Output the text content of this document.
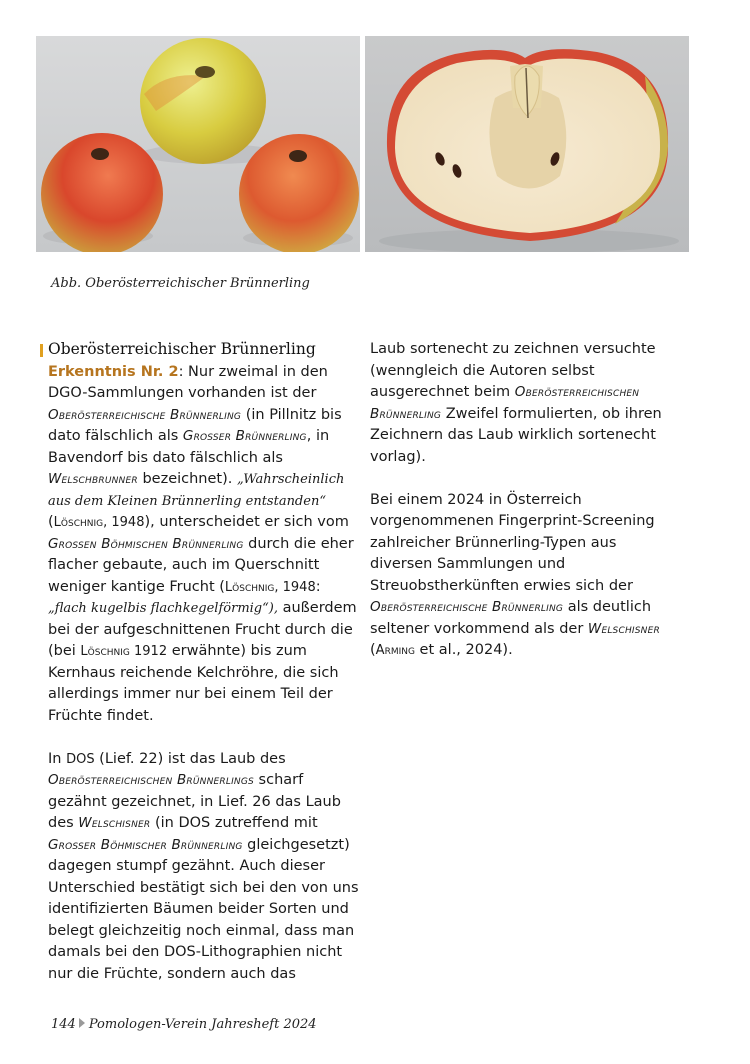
Abb. Oberösterreichischer Brünnerling
Oberösterreichischer Brünnerling

Erkenntnis Nr. 2: Nur zweimal in den DGO-Sammlungen vorhanden ist der Oberösterreichische Brünnerling (in Pillnitz bis dato fälschlich als Grosser Brünnerling, in Bavendorf bis dato fälschlich als Welschbrunner bezeichnet). „Wahrscheinlich aus dem Kleinen Brünnerling entstanden“ (Löschnig, 1948), unterscheidet er sich vom Grossen Böhmischen Brünnerling durch die eher flacher gebaute, auch im Querschnitt weniger kantige Frucht (Löschnig, 1948: „flach kugelbis flachkegelförmig“), außerdem bei der aufgeschnittenen Frucht durch die (bei Löschnig 1912 erwähnte) bis zum Kernhaus reichende Kelchröhre, die sich allerdings immer nur bei einem Teil der Früchte findet.

In DOS (Lief. 22) ist das Laub des Oberösterreichischen Brünnerlings scharf gezähnt gezeichnet, in Lief. 26 das Laub des Welschisner (in DOS zutreffend mit Grosser Böhmischer Brünnerling gleichgesetzt) dagegen stumpf gezähnt. Auch dieser Unterschied bestätigt sich bei den von uns identifizierten Bäumen beider Sorten und belegt gleichzeitig noch einmal, dass man damals bei den DOS-Lithographien nicht nur die Früchte, sondern auch das

Laub sortenecht zu zeichnen versuchte (wenngleich die Autoren selbst ausgerechnet beim Oberösterreichischen Brünnerling Zweifel formulierten, ob ihren Zeichnern das Laub wirklich sortenecht vorlag).

Bei einem 2024 in Österreich vorgenommenen Fingerprint-Screening zahlreicher Brünnerling-Typen aus diversen Sammlungen und Streuobstherkünften erwies sich der Oberösterreichische Brünnerling als deutlich seltener vorkommend als der Welschisner (Arming et al., 2024).

144 Pomologen-Verein Jahresheft 2024
